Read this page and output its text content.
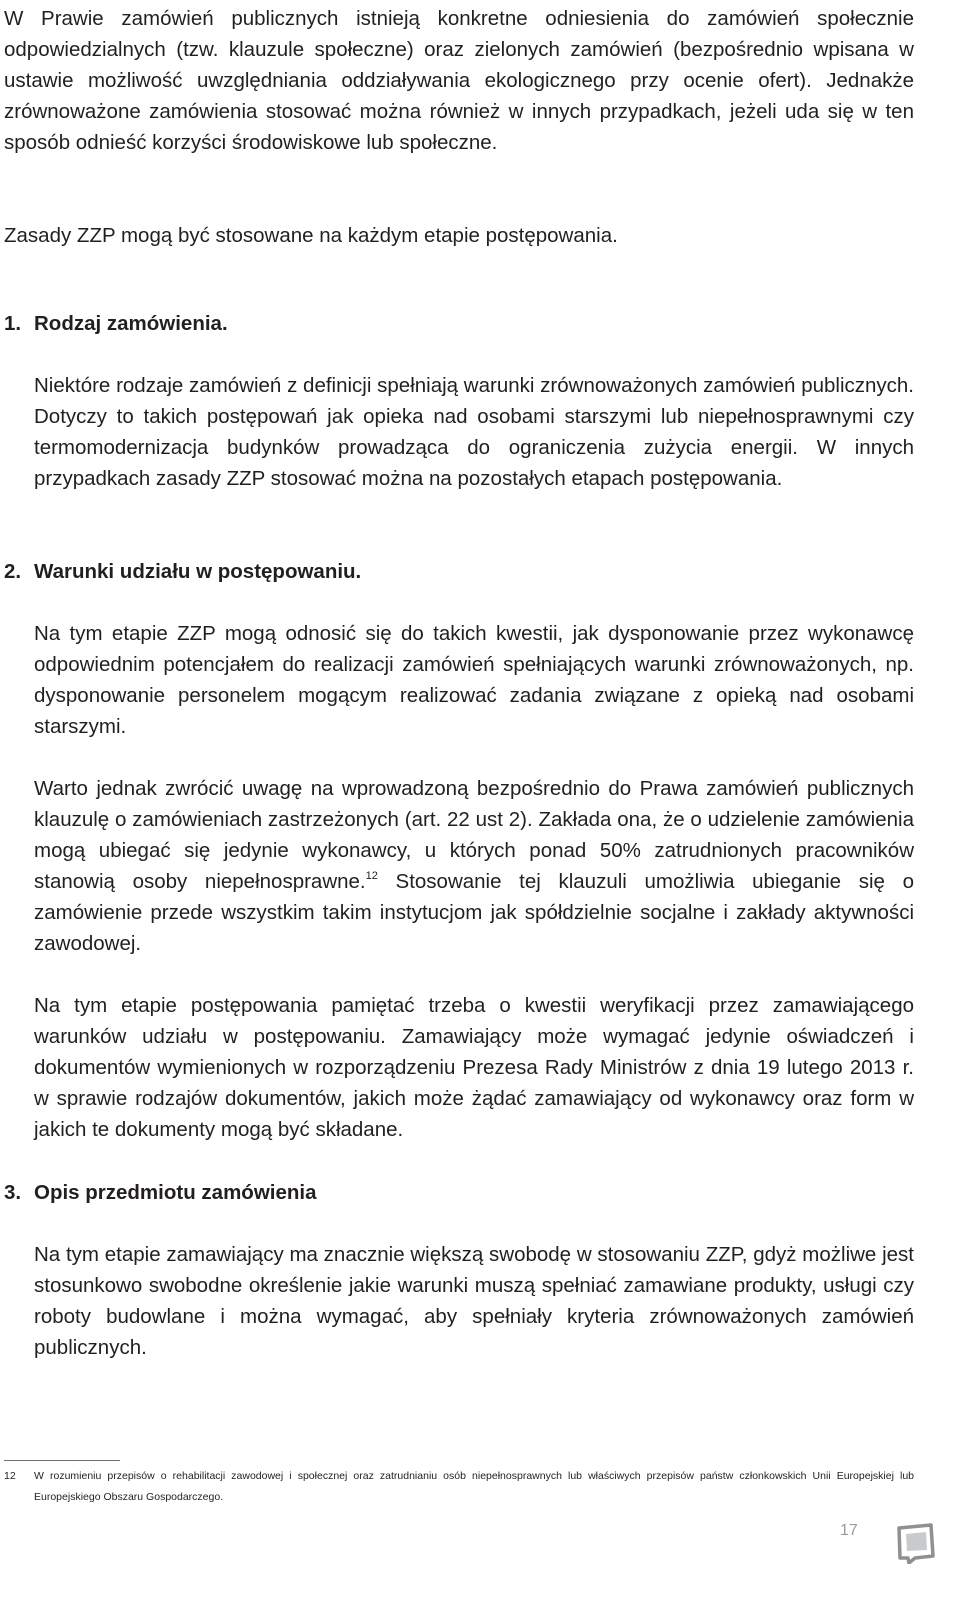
W Prawie zamówień publicznych istnieją konkretne odniesienia do zamówień społecznie odpowiedzialnych (tzw. klauzule społeczne) oraz zielonych zamówień (bezpośrednio wpisana w ustawie możliwość uwzględniania oddziaływania ekologicznego przy ocenie ofert). Jednakże zrównoważone zamówienia stosować można również w innych przypadkach, jeżeli uda się w ten sposób odnieść korzyści środowiskowe lub społeczne.

Zasady ZZP mogą być stosowane na każdym etapie postępowania.

1. Rodzaj zamówienia.

Niektóre rodzaje zamówień z definicji spełniają warunki zrównoważonych zamówień publicznych. Dotyczy to takich postępowań jak opieka nad osobami starszymi lub niepełnosprawnymi czy termomodernizacja budynków prowadząca do ograniczenia zużycia energii. W innych przypadkach zasady ZZP stosować można na pozostałych etapach postępowania.

2. Warunki udziału w postępowaniu.

Na tym etapie ZZP mogą odnosić się do takich kwestii, jak dysponowanie przez wykonawcę odpowiednim potencjałem do realizacji zamówień spełniających warunki zrównoważonych, np. dysponowanie personelem mogącym realizować zadania związane z opieką nad osobami starszymi.

Warto jednak zwrócić uwagę na wprowadzoną bezpośrednio do Prawa zamówień publicznych klauzulę o zamówieniach zastrzeżonych (art. 22 ust 2). Zakłada ona, że o udzielenie zamówienia mogą ubiegać się jedynie wykonawcy, u których ponad 50% zatrudnionych pracowników stanowią osoby niepełnosprawne.$^{12}$ Stosowanie tej klauzuli umożliwia ubieganie się o zamówienie przede wszystkim takim instytucjom jak spółdzielnie socjalne i zakłady aktywności zawodowej.

Na tym etapie postępowania pamiętać trzeba o kwestii weryfikacji przez zamawiającego warunków udziału w postępowaniu. Zamawiający może wymagać jedynie oświadczeń i dokumentów wymienionych w rozporządzeniu Prezesa Rady Ministrów z dnia 19 lutego 2013 r. w sprawie rodzajów dokumentów, jakich może żądać zamawiający od wykonawcy oraz form w jakich te dokumenty mogą być składane.

3. Opis przedmiotu zamówienia

Na tym etapie zamawiający ma znacznie większą swobodę w stosowaniu ZZP, gdyż możliwe jest stosunkowo swobodne określenie jakie warunki muszą spełniać zamawiane produkty, usługi czy roboty budowlane i można wymagać, aby spełniały kryteria zrównoważonych zamówień publicznych.

12	W rozumieniu przepisów o rehabilitacji zawodowej i społecznej oraz zatrudnianiu osób niepełnosprawnych lub właściwych przepisów państw członkowskich Unii Europejskiej lub Europejskiego Obszaru Gospodarczego.
17
